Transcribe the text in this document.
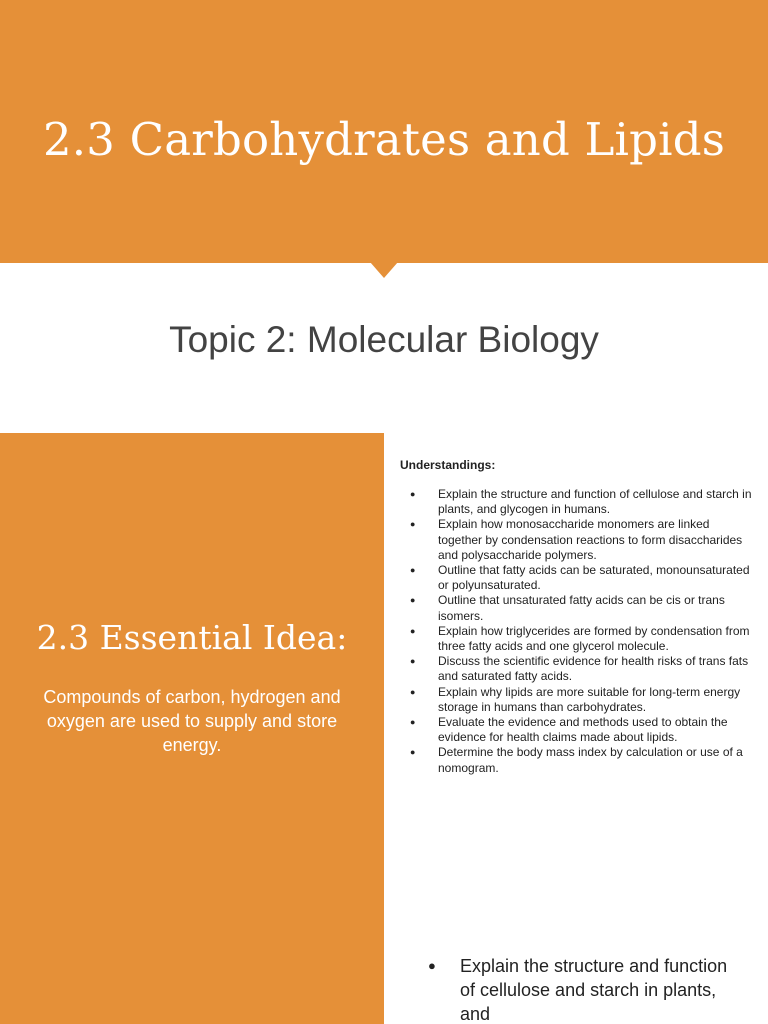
2.3 Carbohydrates and Lipids
Topic 2: Molecular Biology
2.3 Essential Idea:
Compounds of carbon, hydrogen and oxygen are used to supply and store energy.
Understandings:
● Explain the structure and function of cellulose and starch in plants, and glycogen in humans.
● Explain how monosaccharide monomers are linked together by condensation reactions to form disaccharides and polysaccharide polymers.
● Outline that fatty acids can be saturated, monounsaturated or polyunsaturated.
● Outline that unsaturated fatty acids can be cis or trans isomers.
● Explain how triglycerides are formed by condensation from three fatty acids and one glycerol molecule.
● Discuss the scientific evidence for health risks of trans fats and saturated fatty acids.
● Explain why lipids are more suitable for long-term energy storage in humans than carbohydrates.
● Evaluate the evidence and methods used to obtain the evidence for health claims made about lipids.
● Determine the body mass index by calculation or use of a nomogram.
● Explain the structure and function of cellulose and starch in plants, and
